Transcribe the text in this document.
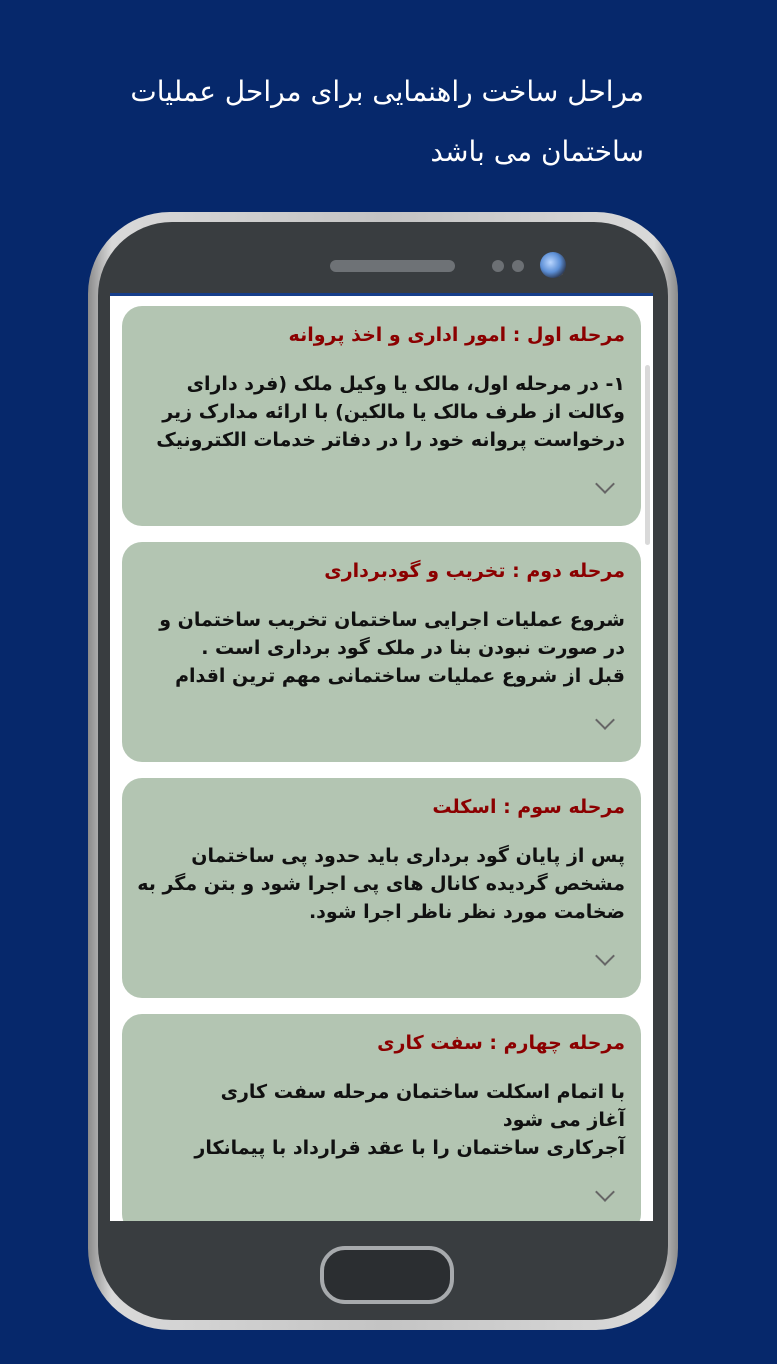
مراحل ساخت راهنمایی برای مراحل عملیات ساختمان می باشد
مرحله اول : امور اداری و اخذ پروانه
۱- در مرحله اول، مالک یا وکیل ملک (فرد دارای
وکالت از طرف مالک یا مالکین) با ارائه مدارک زیر
درخواست پروانه خود را در دفاتر خدمات الکترونیک
مرحله دوم : تخریب و گودبرداری
شروع عملیات اجرایی ساختمان تخریب ساختمان و
در صورت نبودن بنا در ملک گود برداری است .
قبل از شروع عملیات ساختمانی مهم ترین اقدام
مرحله سوم : اسکلت
پس از پایان گود برداری باید حدود پی ساختمان
مشخص گردیده کانال های پی اجرا شود و بتن مگر به
ضخامت مورد نظر ناظر اجرا شود.
مرحله چهارم : سفت کاری
با اتمام اسکلت ساختمان مرحله سفت کاری
آغاز می شود
آجرکاری ساختمان را با عقد قرارداد با پیمانکار
